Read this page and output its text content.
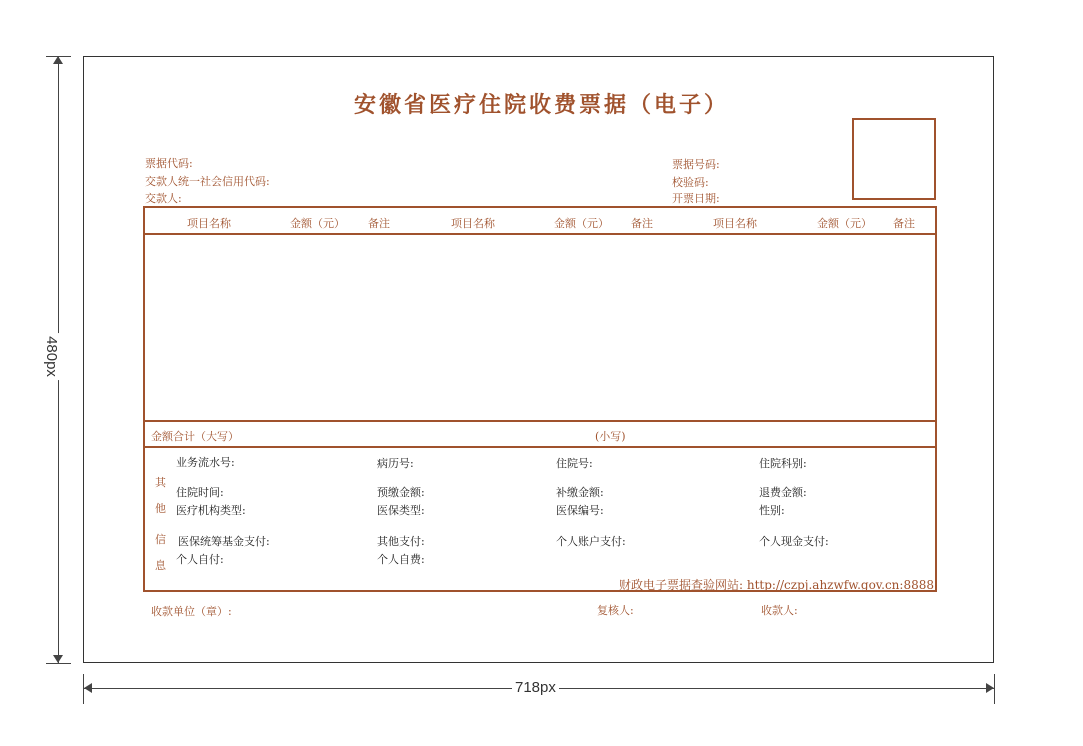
480px
718px
安徽省医疗住院收费票据（电子）
票据代码:
交款人统一社会信用代码:
交款人:
票据号码:
校验码:
开票日期:
项目名称	金额（元） 备注	项目名称	金额（元） 备注	项目名称	金额（元） 备注
金额合计（大写）	(小写)
其
他
信
息
业务流水号:	病历号:	住院号:	住院科别:
住院时间:	预缴金额:	补缴金额:	退费金额:
医疗机构类型:	医保类型:	医保编号:	性别:
医保统筹基金支付:	其他支付:	个人账户支付:	个人现金支付:
个人自付:	个人自费:
财政电子票据查验网站: http://czpj.ahzwfw.gov.cn:8888
收款单位（章）:	复核人:	收款人:
